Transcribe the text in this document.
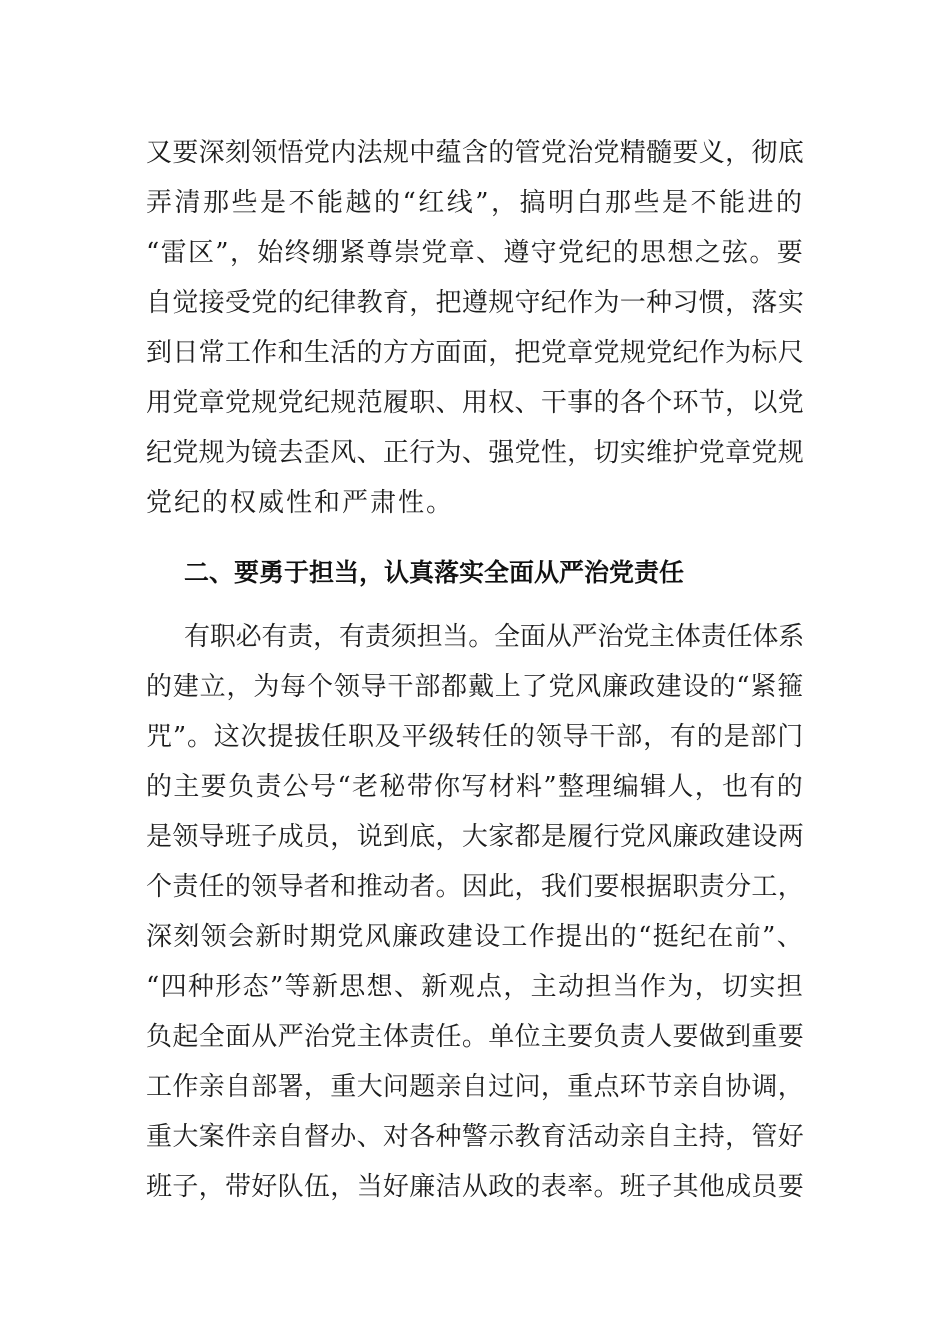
又要深刻领悟党内法规中蕴含的管党治党精髓要义，彻底
弄清那些是不能越的“红线”，搞明白那些是不能进的
“雷区”，始终绷紧尊崇党章、遵守党纪的思想之弦。要
自觉接受党的纪律教育，把遵规守纪作为一种习惯，落实
到日常工作和生活的方方面面，把党章党规党纪作为标尺
用党章党规党纪规范履职、用权、干事的各个环节，以党
纪党规为镜去歪风、正行为、强党性，切实维护党章党规
党纪的权威性和严肃性。
二、要勇于担当，认真落实全面从严治党责任
有职必有责，有责须担当。全面从严治党主体责任体系
的建立，为每个领导干部都戴上了党风廉政建设的“紧箍
咒”。这次提拔任职及平级转任的领导干部，有的是部门
的主要负责公号“老秘带你写材料”整理编辑人，也有的
是领导班子成员，说到底，大家都是履行党风廉政建设两
个责任的领导者和推动者。因此，我们要根据职责分工，
深刻领会新时期党风廉政建设工作提出的“挺纪在前”、
“四种形态”等新思想、新观点，主动担当作为，切实担
负起全面从严治党主体责任。单位主要负责人要做到重要
工作亲自部署，重大问题亲自过问，重点环节亲自协调，
重大案件亲自督办、对各种警示教育活动亲自主持，管好
班子，带好队伍，当好廉洁从政的表率。班子其他成员要
